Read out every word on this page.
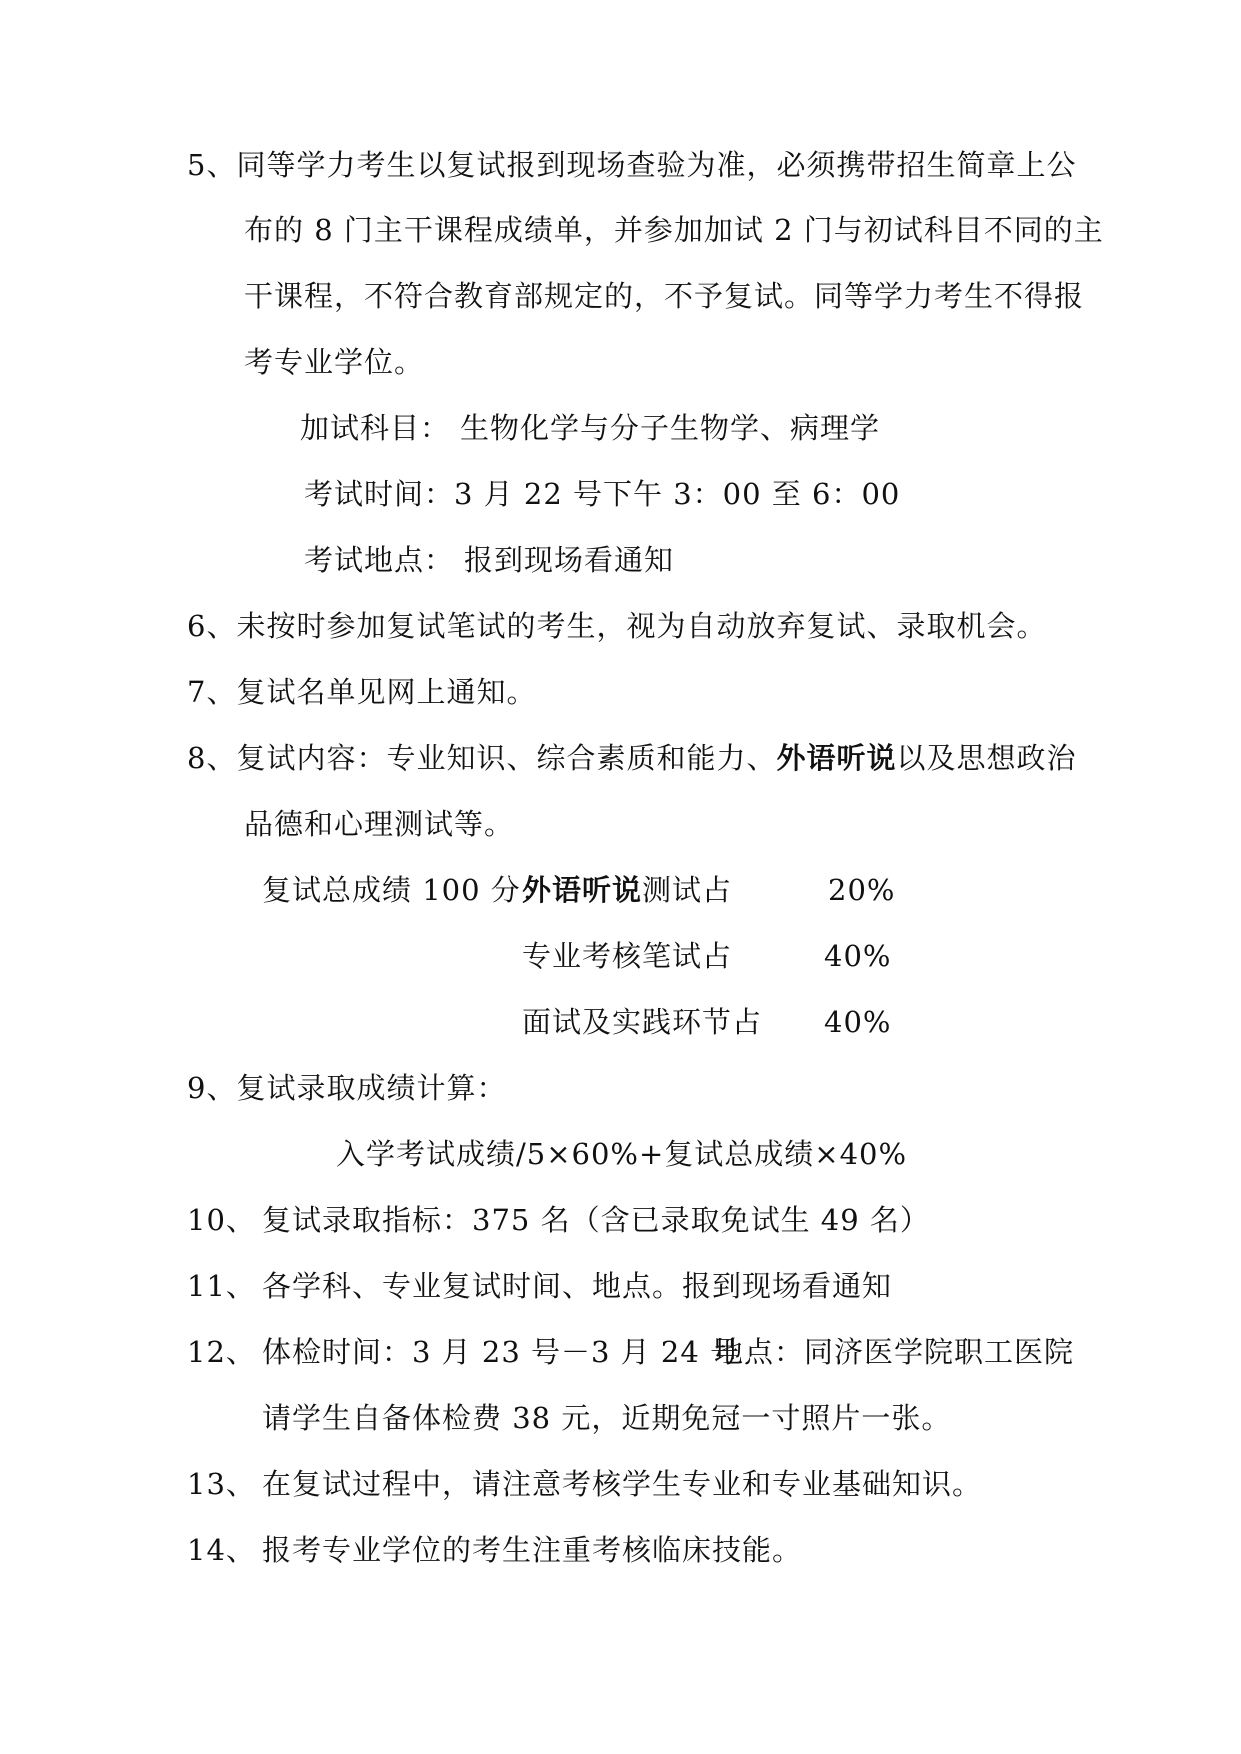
5、同等学力考生以复试报到现场查验为准，必须携带招生简章上公
布的 8 门主干课程成绩单，并参加加试 2 门与初试科目不同的主
干课程，不符合教育部规定的，不予复试。同等学力考生不得报
考专业学位。
加试科目： 生物化学与分子生物学、病理学
考试时间：3 月 22 号下午 3：00 至 6：00
考试地点： 报到现场看通知
6、未按时参加复试笔试的考生，视为自动放弃复试、录取机会。
7、复试名单见网上通知。
8、复试内容：专业知识、综合素质和能力、外语听说以及思想政治
品德和心理测试等。
复试总成绩 100 分：
外语听说测试占	20%
专业考核笔试占	40%
面试及实践环节占 40%
9、复试录取成绩计算：
入学考试成绩/5×60%+复试总成绩×40%
10、 复试录取指标：375 名（含已录取免试生 49 名）
11、 各学科、专业复试时间、地点。报到现场看通知
12、 体检时间：3 月 23 号－3 月 24 号
地点：同济医学院职工医院
请学生自备体检费 38 元，近期免冠一寸照片一张。
13、 在复试过程中，请注意考核学生专业和专业基础知识。
14、 报考专业学位的考生注重考核临床技能。
